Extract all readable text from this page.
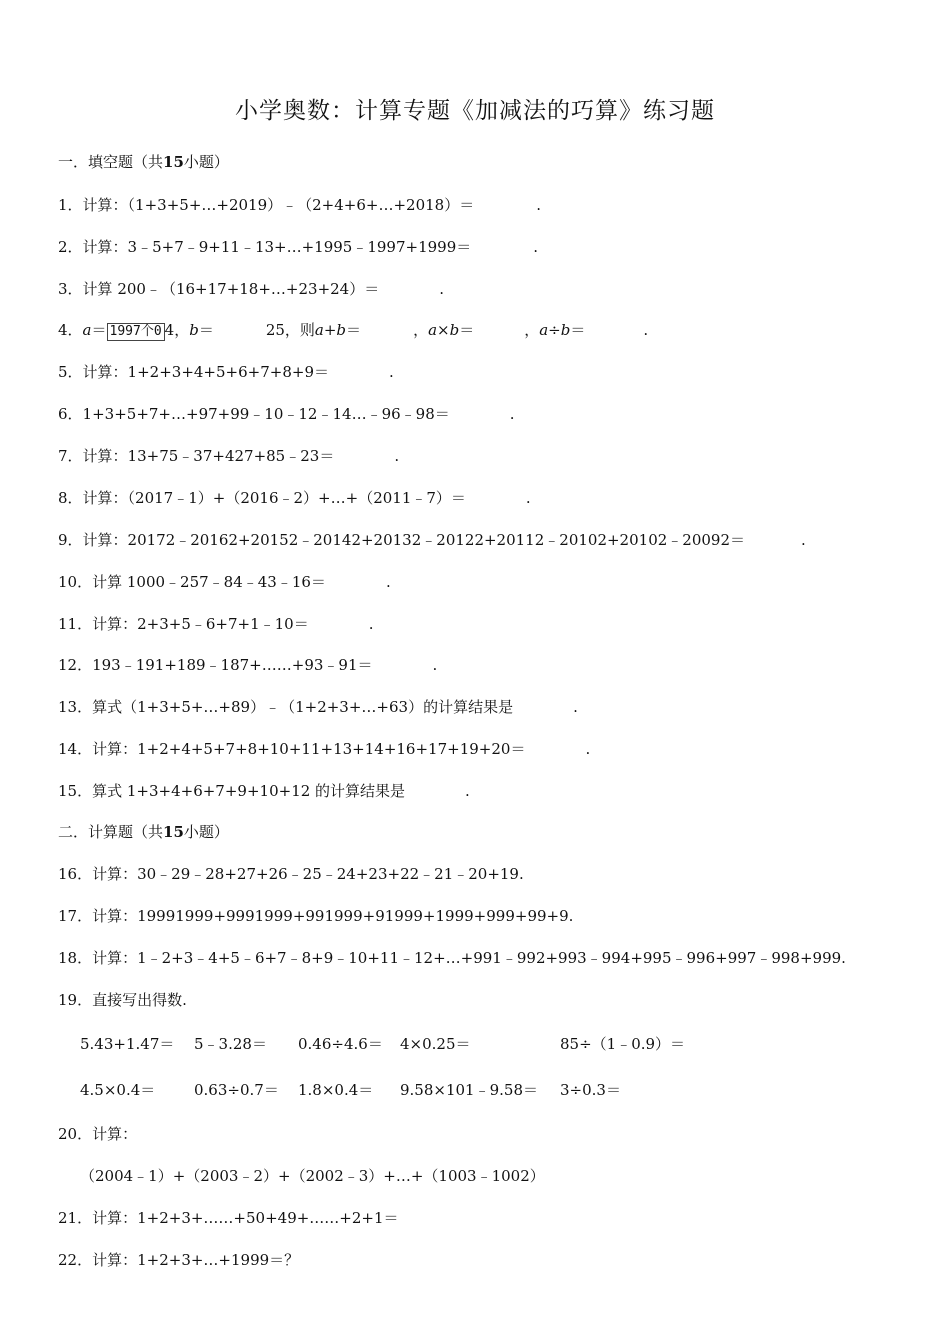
小学奥数：计算专题《加减法的巧算》练习题
一．填空题（共15小题）
1．计算：（1+3+5+…+2019）﹣（2+4+6+…+2018）＝	.
2．计算：3﹣5+7﹣9+11﹣13+…+1995﹣1997+1999＝	.
3．计算 200﹣（16+17+18+…+23+24）＝	.
4．a＝ 1997个0 4，b＝	25，则a+b＝	，a×b＝	，a÷b＝	.
5．计算：1+2+3+4+5+6+7+8+9＝	.
6．1+3+5+7+…+97+99﹣10﹣12﹣14…﹣96﹣98＝	.
7．计算：13+75﹣37+427+85﹣23＝	.
8．计算：（2017﹣1）+（2016﹣2）+…+（2011﹣7）＝	.
9．计算：20172﹣20162+20152﹣20142+20132﹣20122+20112﹣20102+20102﹣20092＝	.
10．计算 1000﹣257﹣84﹣43﹣16＝	.
11．计算：2+3+5﹣6+7+1﹣10＝	.
12．193﹣191+189﹣187+……+93﹣91＝	.
13．算式（1+3+5+…+89）﹣（1+2+3+…+63）的计算结果是	.
14．计算：1+2+4+5+7+8+10+11+13+14+16+17+19+20＝	.
15．算式 1+3+4+6+7+9+10+12 的计算结果是	.
二．计算题（共15小题）
16．计算：30﹣29﹣28+27+26﹣25﹣24+23+22﹣21﹣20+19.
17．计算：19991999+9991999+991999+91999+1999+999+99+9.
18．计算：1﹣2+3﹣4+5﹣6+7﹣8+9﹣10+11﹣12+…+991﹣992+993﹣994+995﹣996+997﹣998+999.
19．直接写出得数.
5.43+1.47＝ 5﹣3.28＝ 0.46÷4.6＝ 4×0.25＝	85÷（1﹣0.9）＝
4.5×0.4＝	0.63÷0.7＝ 1.8×0.4＝ 9.58×101﹣9.58＝ 3÷0.3＝
20．计算：
（2004﹣1）+（2003﹣2）+（2002﹣3）+…+（1003﹣1002）
21．计算：1+2+3+……+50+49+……+2+1＝
22．计算：1+2+3+…+1999＝？
